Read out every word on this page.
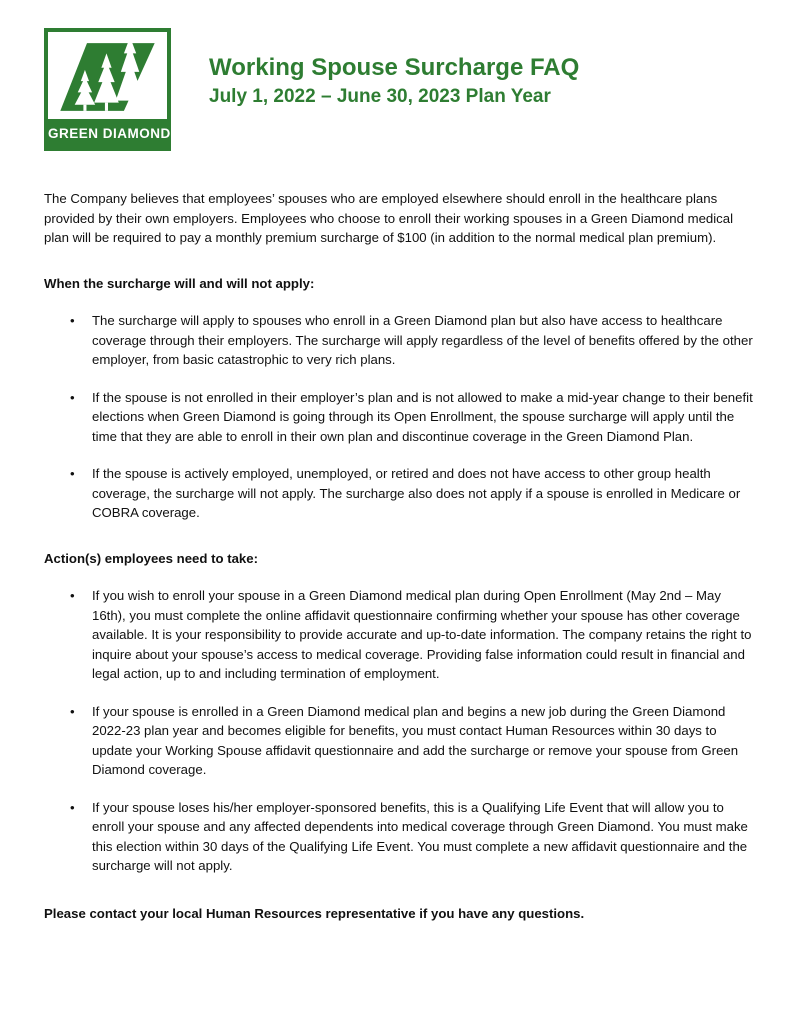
GREEN DIAMOND
Working Spouse Surcharge FAQ
July 1, 2022 – June 30, 2023 Plan Year

The Company believes that employees’ spouses who are employed elsewhere should enroll in the healthcare plans provided by their own employers. Employees who choose to enroll their working spouses in a Green Diamond medical plan will be required to pay a monthly premium surcharge of $100 (in addition to the normal medical plan premium).

When the surcharge will and will not apply:
• The surcharge will apply to spouses who enroll in a Green Diamond plan but also have access to healthcare coverage through their employers. The surcharge will apply regardless of the level of benefits offered by the other employer, from basic catastrophic to very rich plans.
• If the spouse is not enrolled in their employer’s plan and is not allowed to make a mid-year change to their benefit elections when Green Diamond is going through its Open Enrollment, the spouse surcharge will apply until the time that they are able to enroll in their own plan and discontinue coverage in the Green Diamond Plan.
• If the spouse is actively employed, unemployed, or retired and does not have access to other group health coverage, the surcharge will not apply. The surcharge also does not apply if a spouse is enrolled in Medicare or COBRA coverage.
Action(s) employees need to take:
• If you wish to enroll your spouse in a Green Diamond medical plan during Open Enrollment (May 2nd – May 16th), you must complete the online affidavit questionnaire confirming whether your spouse has other coverage available. It is your responsibility to provide accurate and up-to-date information. The company retains the right to inquire about your spouse’s access to medical coverage. Providing false information could result in financial and legal action, up to and including termination of employment.
• If your spouse is enrolled in a Green Diamond medical plan and begins a new job during the Green Diamond 2022-23 plan year and becomes eligible for benefits, you must contact Human Resources within 30 days to update your Working Spouse affidavit questionnaire and add the surcharge or remove your spouse from Green Diamond coverage.
• If your spouse loses his/her employer-sponsored benefits, this is a Qualifying Life Event that will allow you to enroll your spouse and any affected dependents into medical coverage through Green Diamond. You must make this election within 30 days of the Qualifying Life Event. You must complete a new affidavit questionnaire and the surcharge will not apply.

Please contact your local Human Resources representative if you have any questions.
